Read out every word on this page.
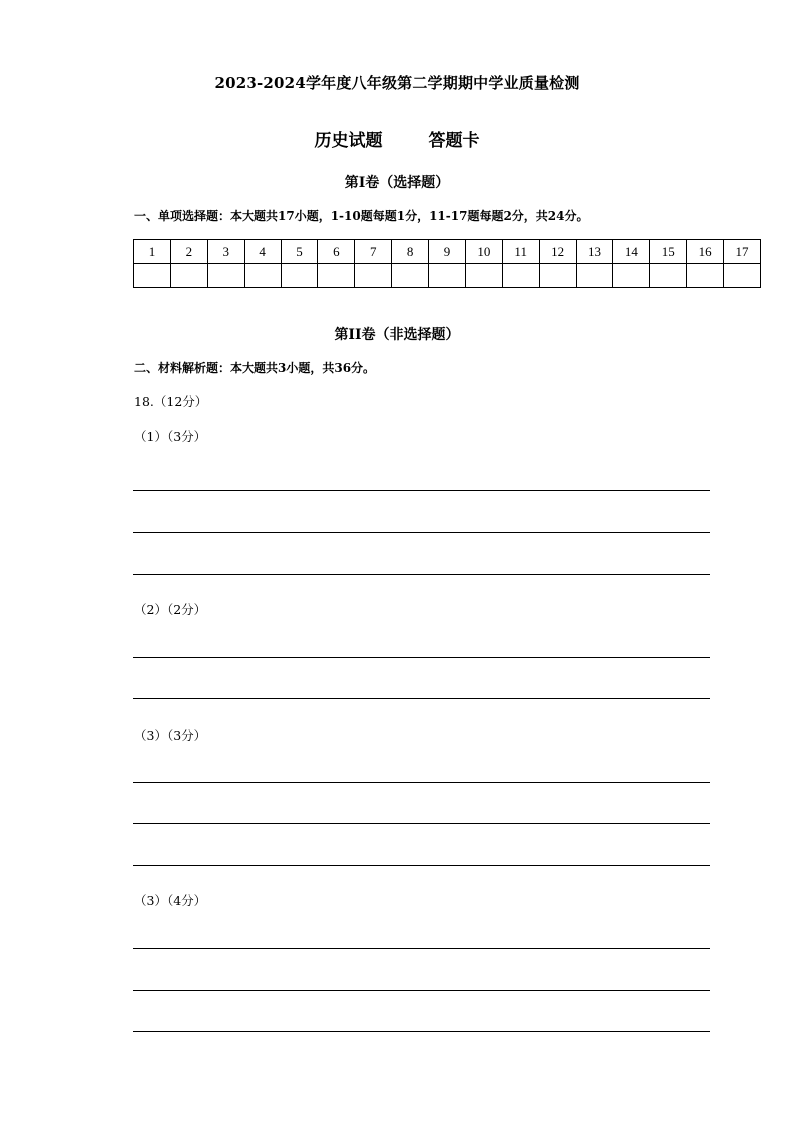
2023-2024学年度八年级第二学期期中学业质量检测
历史试题	答题卡
第I卷（选择题）
一、单项选择题：本大题共17小题，1-10题每题1分，11-17题每题2分，共24分。
1	2	3	4	5	6	7	8	9	10	11	12	13	14	15	16	17

第II卷（非选择题）
二、材料解析题：本大题共3小题，共36分。
18.（12分）
（1）（3分）
（2）（2分）
（3）（3分）
（3）（4分）
